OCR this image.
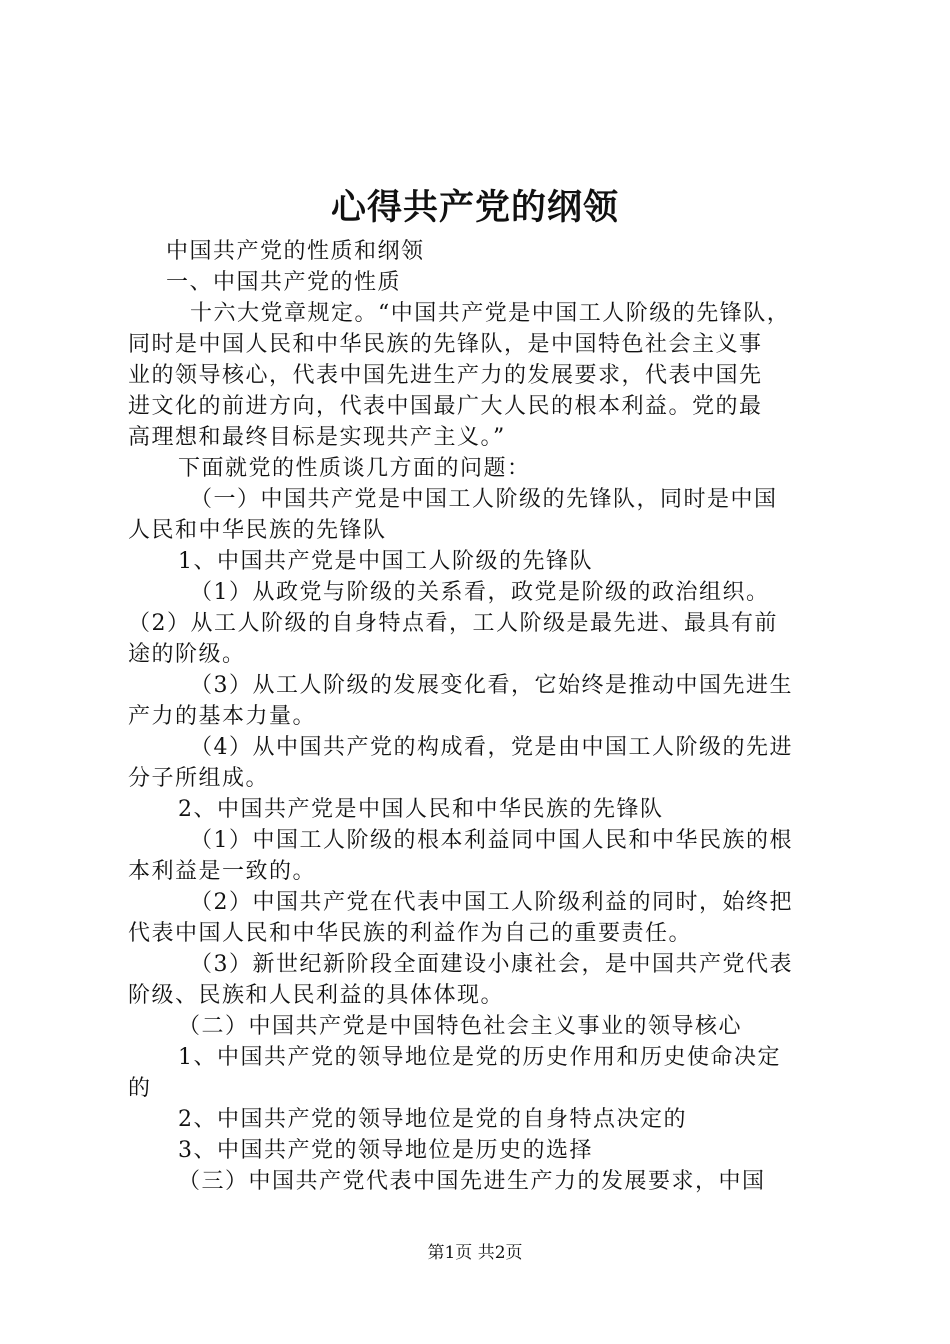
心得共产党的纲领
中国共产党的性质和纲领
一、中国共产党的性质
十六大党章规定。“中国共产党是中国工人阶级的先锋队，
同时是中国人民和中华民族的先锋队，是中国特色社会主义事
业的领导核心，代表中国先进生产力的发展要求，代表中国先
进文化的前进方向，代表中国最广大人民的根本利益。党的最
高理想和最终目标是实现共产主义。”
下面就党的性质谈几方面的问题：
（一）中国共产党是中国工人阶级的先锋队，同时是中国
人民和中华民族的先锋队
1、中国共产党是中国工人阶级的先锋队
（1）从政党与阶级的关系看，政党是阶级的政治组织。
（2）从工人阶级的自身特点看，工人阶级是最先进、最具有前
途的阶级。
（3）从工人阶级的发展变化看，它始终是推动中国先进生
产力的基本力量。
（4）从中国共产党的构成看，党是由中国工人阶级的先进
分子所组成。
2、中国共产党是中国人民和中华民族的先锋队
（1）中国工人阶级的根本利益同中国人民和中华民族的根
本利益是一致的。
（2）中国共产党在代表中国工人阶级利益的同时，始终把
代表中国人民和中华民族的利益作为自己的重要责任。
（3）新世纪新阶段全面建设小康社会，是中国共产党代表
阶级、民族和人民利益的具体体现。
（二）中国共产党是中国特色社会主义事业的领导核心
1、中国共产党的领导地位是党的历史作用和历史使命决定
的
2、中国共产党的领导地位是党的自身特点决定的
3、中国共产党的领导地位是历史的选择
（三）中国共产党代表中国先进生产力的发展要求，中国
第1页 共2页
